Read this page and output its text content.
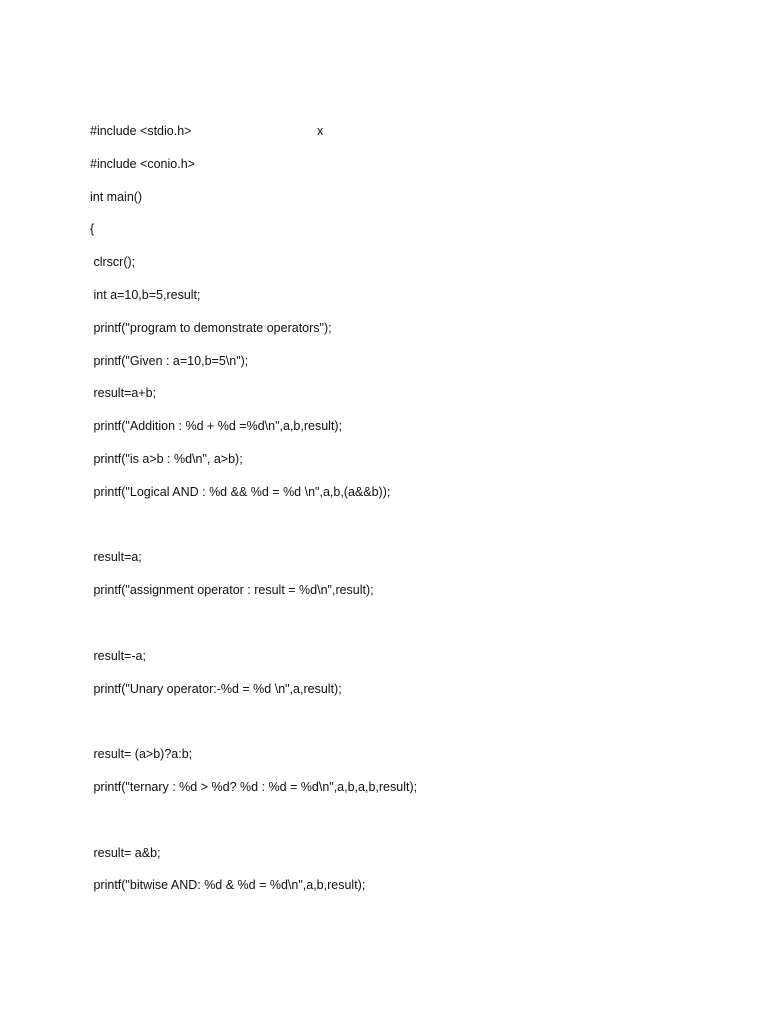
#include <stdio.h>
#include <conio.h>
int main()
{
clrscr();
int a=10,b=5,result;
printf("program to demonstrate operators");
printf("Given : a=10,b=5\n");
result=a+b;
printf("Addition : %d + %d =%d\n",a,b,result);
printf("is a>b : %d\n", a>b);
printf("Logical AND : %d && %d = %d \n",a,b,(a&&b));
result=a;
printf("assignment operator : result = %d\n",result);
result=-a;
printf("Unary operator:-%d = %d \n",a,result);
result= (a>b)?a:b;
printf("ternary : %d > %d? %d : %d = %d\n",a,b,a,b,result);
result= a&b;
printf("bitwise AND: %d & %d = %d\n",a,b,result);
x
